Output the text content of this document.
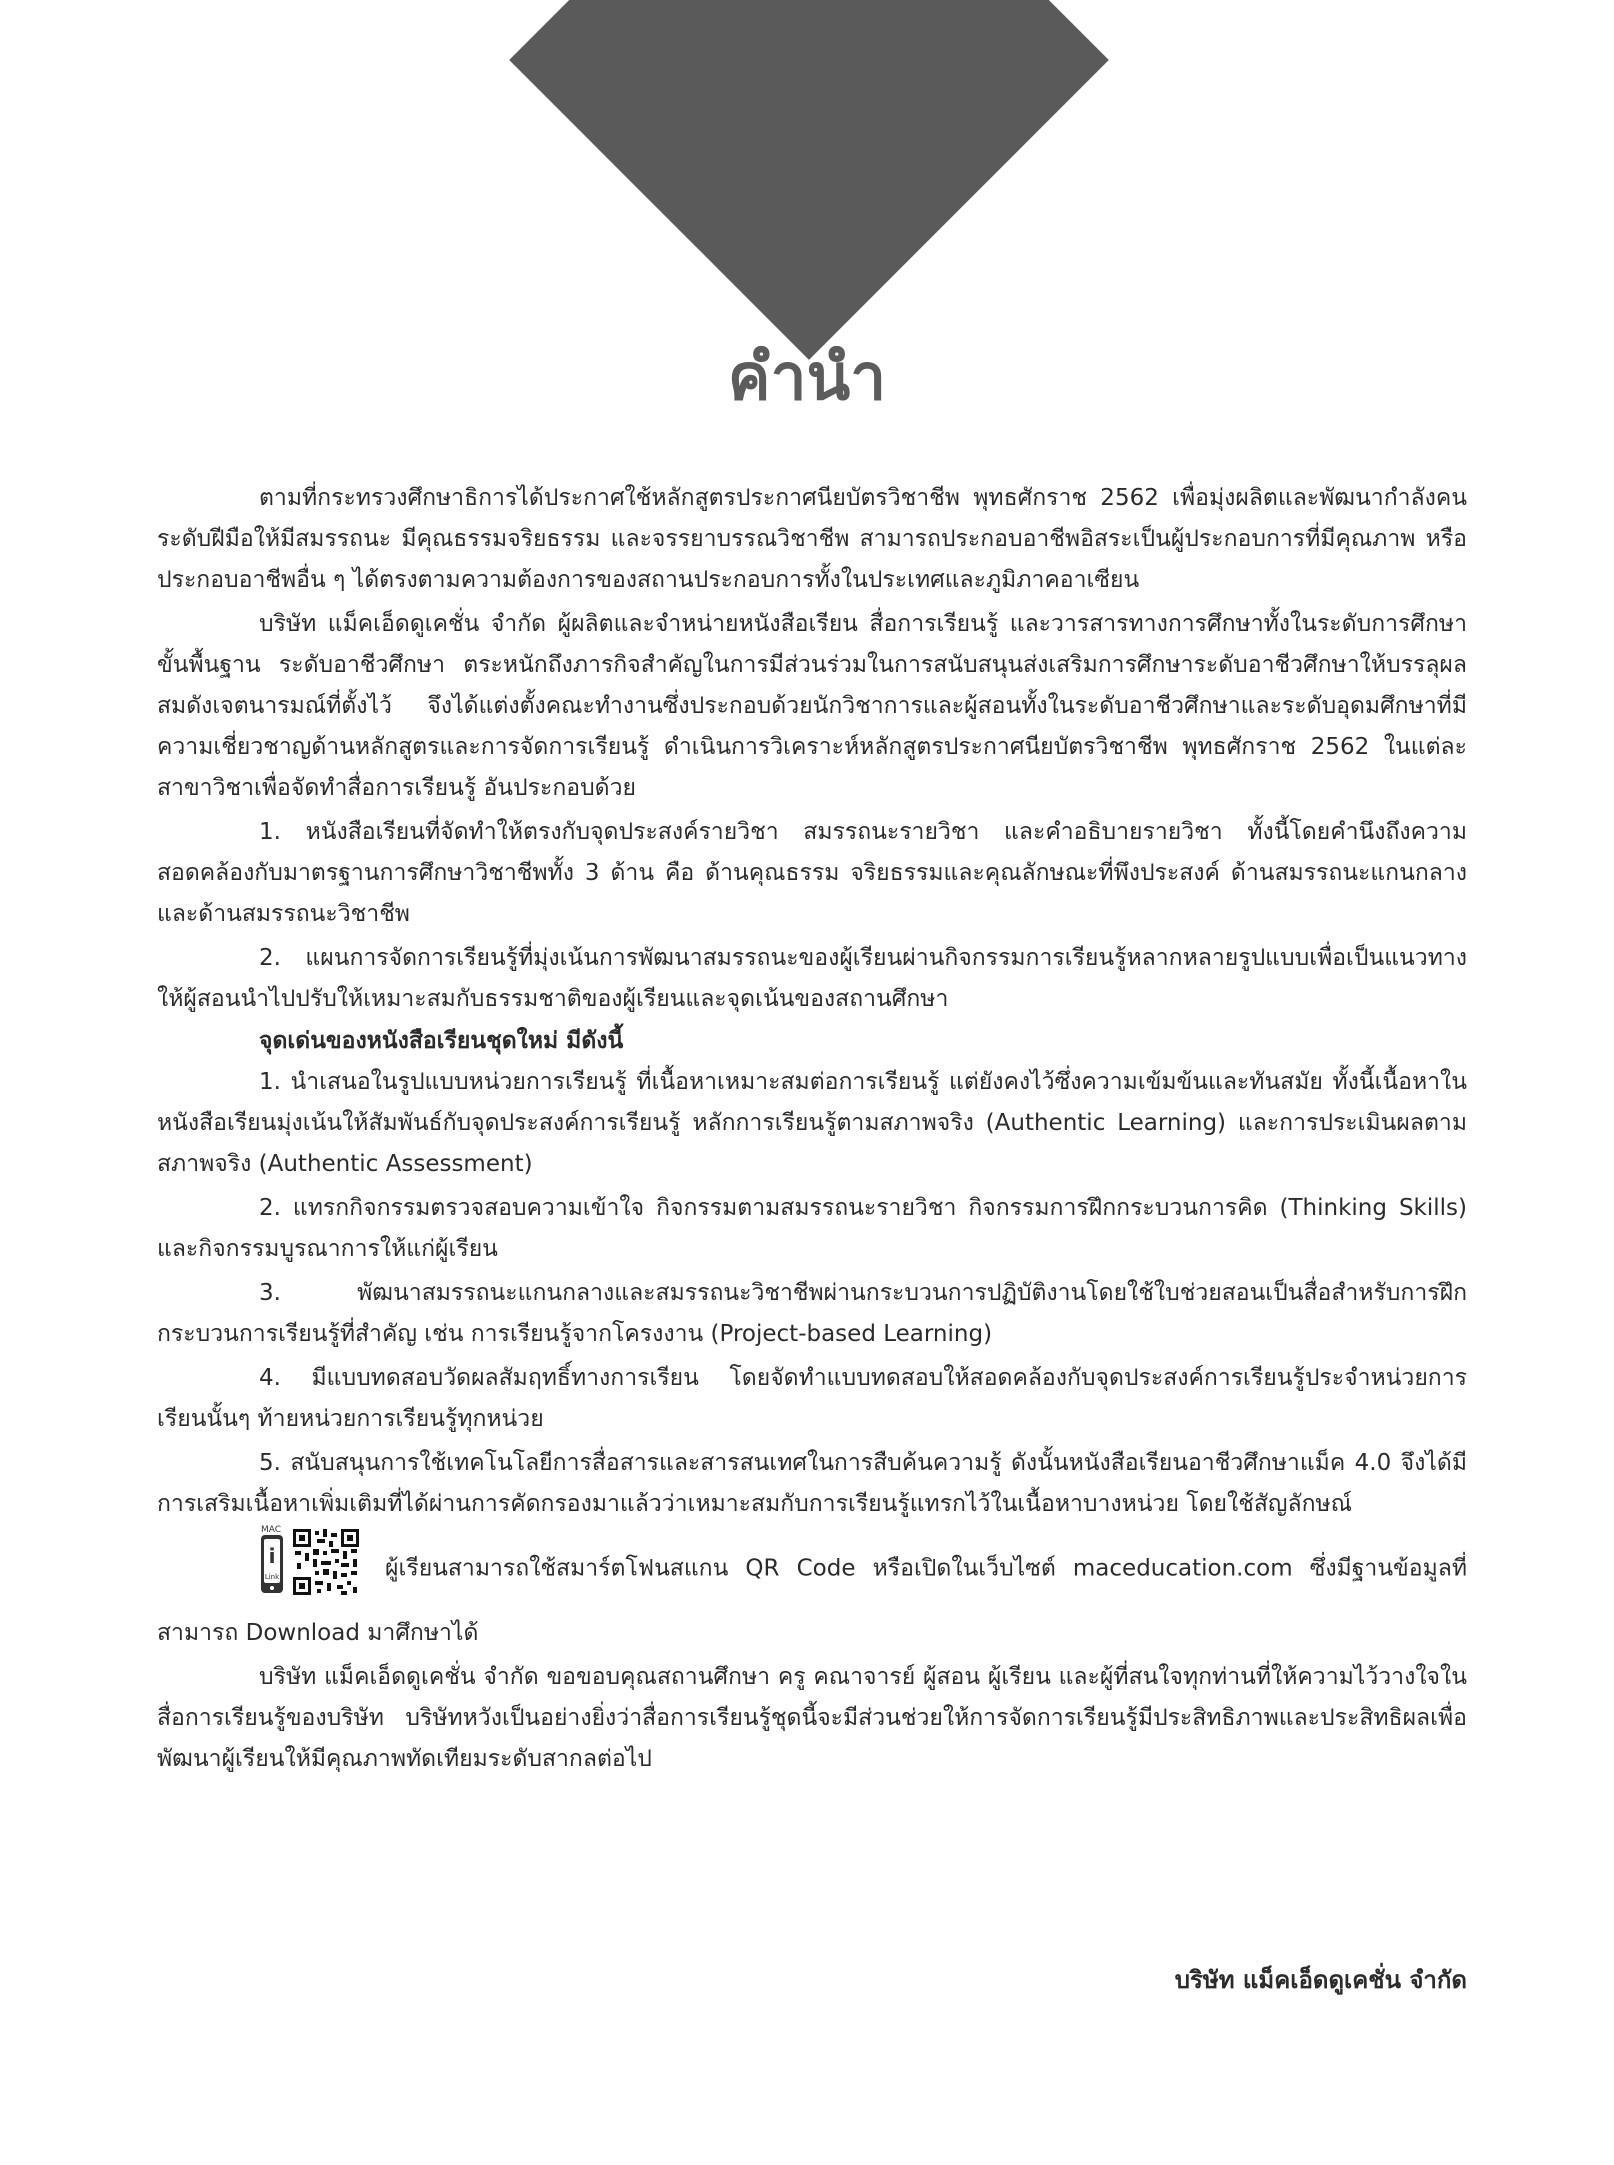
คำนำ

ตามที่กระทรวงศึกษาธิการได้ประกาศใช้หลักสูตรประกาศนียบัตรวิชาชีพ พุทธศักราช 2562 เพื่อมุ่งผลิตและพัฒนากำลังคนระดับฝีมือให้มีสมรรถนะ มีคุณธรรมจริยธรรม และจรรยาบรรณวิชาชีพ สามารถประกอบอาชีพอิสระเป็นผู้ประกอบการที่มีคุณภาพ หรือประกอบอาชีพอื่น ๆ ได้ตรงตามความต้องการของสถานประกอบการทั้งในประเทศและภูมิภาคอาเซียน

บริษัท แม็คเอ็ดดูเคชั่น จำกัด ผู้ผลิตและจำหน่ายหนังสือเรียน สื่อการเรียนรู้ และวารสารทางการศึกษาทั้งในระดับการศึกษาขั้นพื้นฐาน ระดับอาชีวศึกษา ตระหนักถึงภารกิจสำคัญในการมีส่วนร่วมในการสนับสนุนส่งเสริมการศึกษาระดับอาชีวศึกษาให้บรรลุผลสมดังเจตนารมณ์ที่ตั้งไว้ จึงได้แต่งตั้งคณะทำงานซึ่งประกอบด้วยนักวิชาการและผู้สอนทั้งในระดับอาชีวศึกษาและระดับอุดมศึกษาที่มีความเชี่ยวชาญด้านหลักสูตรและการจัดการเรียนรู้ ดำเนินการวิเคราะห์หลักสูตรประกาศนียบัตรวิชาชีพ พุทธศักราช 2562 ในแต่ละสาขาวิชาเพื่อจัดทำสื่อการเรียนรู้ อันประกอบด้วย

1. หนังสือเรียนที่จัดทำให้ตรงกับจุดประสงค์รายวิชา สมรรถนะรายวิชา และคำอธิบายรายวิชา ทั้งนี้โดยคำนึงถึงความสอดคล้องกับมาตรฐานการศึกษาวิชาชีพทั้ง 3 ด้าน คือ ด้านคุณธรรม จริยธรรมและคุณลักษณะที่พึงประสงค์ ด้านสมรรถนะแกนกลาง และด้านสมรรถนะวิชาชีพ

2. แผนการจัดการเรียนรู้ที่มุ่งเน้นการพัฒนาสมรรถนะของผู้เรียนผ่านกิจกรรมการเรียนรู้หลากหลายรูปแบบเพื่อเป็นแนวทางให้ผู้สอนนำไปปรับให้เหมาะสมกับธรรมชาติของผู้เรียนและจุดเน้นของสถานศึกษา

จุดเด่นของหนังสือเรียนชุดใหม่ มีดังนี้

1. นำเสนอในรูปแบบหน่วยการเรียนรู้ ที่เนื้อหาเหมาะสมต่อการเรียนรู้ แต่ยังคงไว้ซึ่งความเข้มข้นและทันสมัย ทั้งนี้เนื้อหาในหนังสือเรียนมุ่งเน้นให้สัมพันธ์กับจุดประสงค์การเรียนรู้ หลักการเรียนรู้ตามสภาพจริง (Authentic Learning) และการประเมินผลตามสภาพจริง (Authentic Assessment)

2. แทรกกิจกรรมตรวจสอบความเข้าใจ กิจกรรมตามสมรรถนะรายวิชา กิจกรรมการฝึกกระบวนการคิด (Thinking Skills) และกิจกรรมบูรณาการให้แก่ผู้เรียน

3. พัฒนาสมรรถนะแกนกลางและสมรรถนะวิชาชีพผ่านกระบวนการปฏิบัติงานโดยใช้ใบช่วยสอนเป็นสื่อสำหรับการฝึกกระบวนการเรียนรู้ที่สำคัญ เช่น การเรียนรู้จากโครงงาน (Project-based Learning)

4. มีแบบทดสอบวัดผลสัมฤทธิ์ทางการเรียน โดยจัดทำแบบทดสอบให้สอดคล้องกับจุดประสงค์การเรียนรู้ประจำหน่วยการเรียนนั้นๆ ท้ายหน่วยการเรียนรู้ทุกหน่วย

5. สนับสนุนการใช้เทคโนโลยีการสื่อสารและสารสนเทศในการสืบค้นความรู้ ดังนั้นหนังสือเรียนอาชีวศึกษาแม็ค 4.0 จึงได้มีการเสริมเนื้อหาเพิ่มเติมที่ได้ผ่านการคัดกรองมาแล้วว่าเหมาะสมกับการเรียนรู้แทรกไว้ในเนื้อหาบางหน่วย โดยใช้สัญลักษณ์

MAC
i
Link	ผู้เรียนสามารถใช้สมาร์ตโฟนสแกน QR Code หรือเปิดในเว็บไซต์ maceducation.com ซึ่งมีฐานข้อมูลที่สามารถ Download มาศึกษาได้

บริษัท แม็คเอ็ดดูเคชั่น จำกัด ขอขอบคุณสถานศึกษา ครู คณาจารย์ ผู้สอน ผู้เรียน และผู้ที่สนใจทุกท่านที่ให้ความไว้วางใจในสื่อการเรียนรู้ของบริษัท บริษัทหวังเป็นอย่างยิ่งว่าสื่อการเรียนรู้ชุดนี้จะมีส่วนช่วยให้การจัดการเรียนรู้มีประสิทธิภาพและประสิทธิผลเพื่อพัฒนาผู้เรียนให้มีคุณภาพทัดเทียมระดับสากลต่อไป

บริษัท แม็คเอ็ดดูเคชั่น จำกัด
